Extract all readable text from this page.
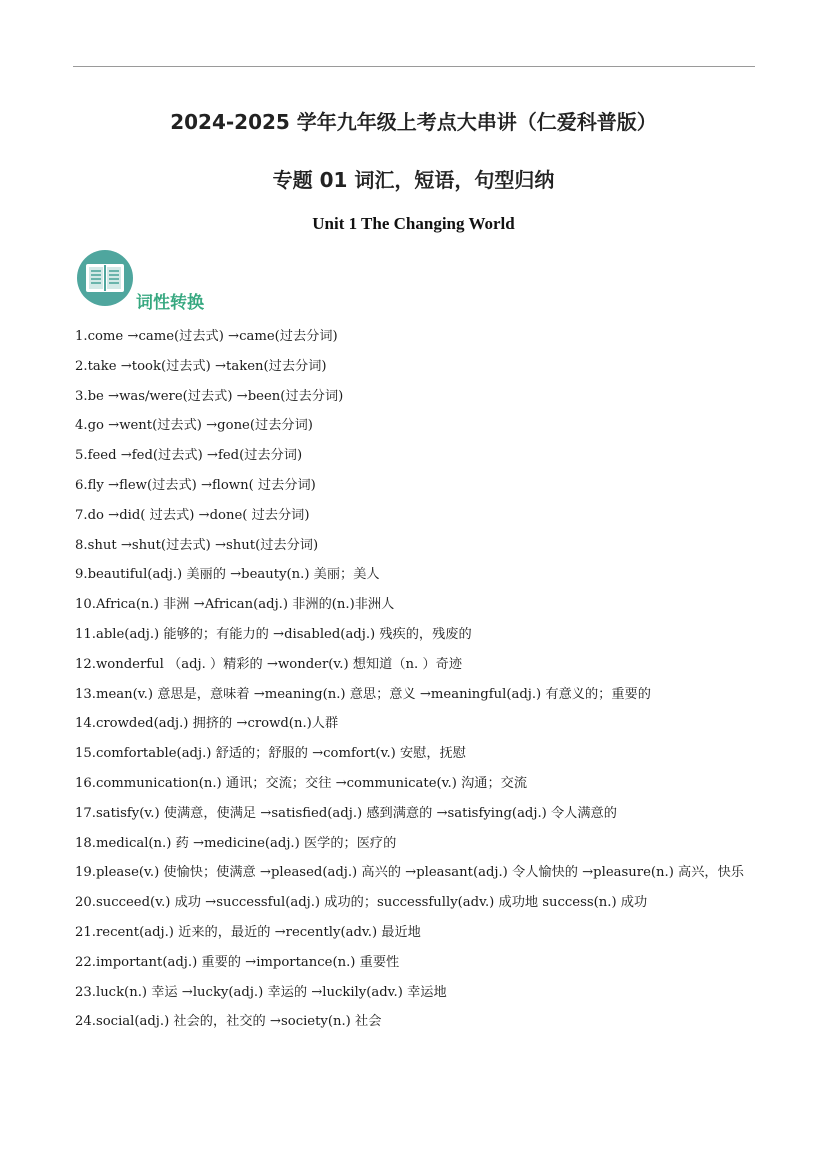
2024-2025 学年九年级上考点大串讲（仁爱科普版）
专题 01 词汇，短语，句型归纳
Unit 1 The Changing World
词性转换
1.come →came(过去式) →came(过去分词)
2.take →took(过去式) →taken(过去分词)
3.be →was/were(过去式) →been(过去分词)
4.go →went(过去式) →gone(过去分词)
5.feed →fed(过去式) →fed(过去分词)
6.fly →flew(过去式) →flown( 过去分词)
7.do →did( 过去式) →done( 过去分词)
8.shut →shut(过去式) →shut(过去分词)
9.beautiful(adj.) 美丽的 →beauty(n.) 美丽；美人
10.Africa(n.) 非洲 →African(adj.) 非洲的(n.)非洲人
11.able(adj.) 能够的；有能力的 →disabled(adj.) 残疾的，残废的
12.wonderful （adj. ）精彩的 →wonder(v.) 想知道（n. ）奇迹
13.mean(v.) 意思是，意味着 →meaning(n.) 意思；意义 →meaningful(adj.) 有意义的；重要的
14.crowded(adj.) 拥挤的 →crowd(n.)人群
15.comfortable(adj.) 舒适的；舒服的 →comfort(v.) 安慰，抚慰
16.communication(n.) 通讯；交流；交往 →communicate(v.) 沟通；交流
17.satisfy(v.) 使满意，使满足 →satisfied(adj.) 感到满意的 →satisfying(adj.) 令人满意的
18.medical(n.) 药 →medicine(adj.) 医学的；医疗的
19.please(v.) 使愉快；使满意 →pleased(adj.) 高兴的 →pleasant(adj.) 令人愉快的 →pleasure(n.) 高兴，快乐
20.succeed(v.) 成功 →successful(adj.) 成功的；successfully(adv.) 成功地 success(n.) 成功
21.recent(adj.) 近来的，最近的 →recently(adv.) 最近地
22.important(adj.) 重要的 →importance(n.) 重要性
23.luck(n.) 幸运 →lucky(adj.) 幸运的 →luckily(adv.) 幸运地
24.social(adj.) 社会的，社交的 →society(n.) 社会
